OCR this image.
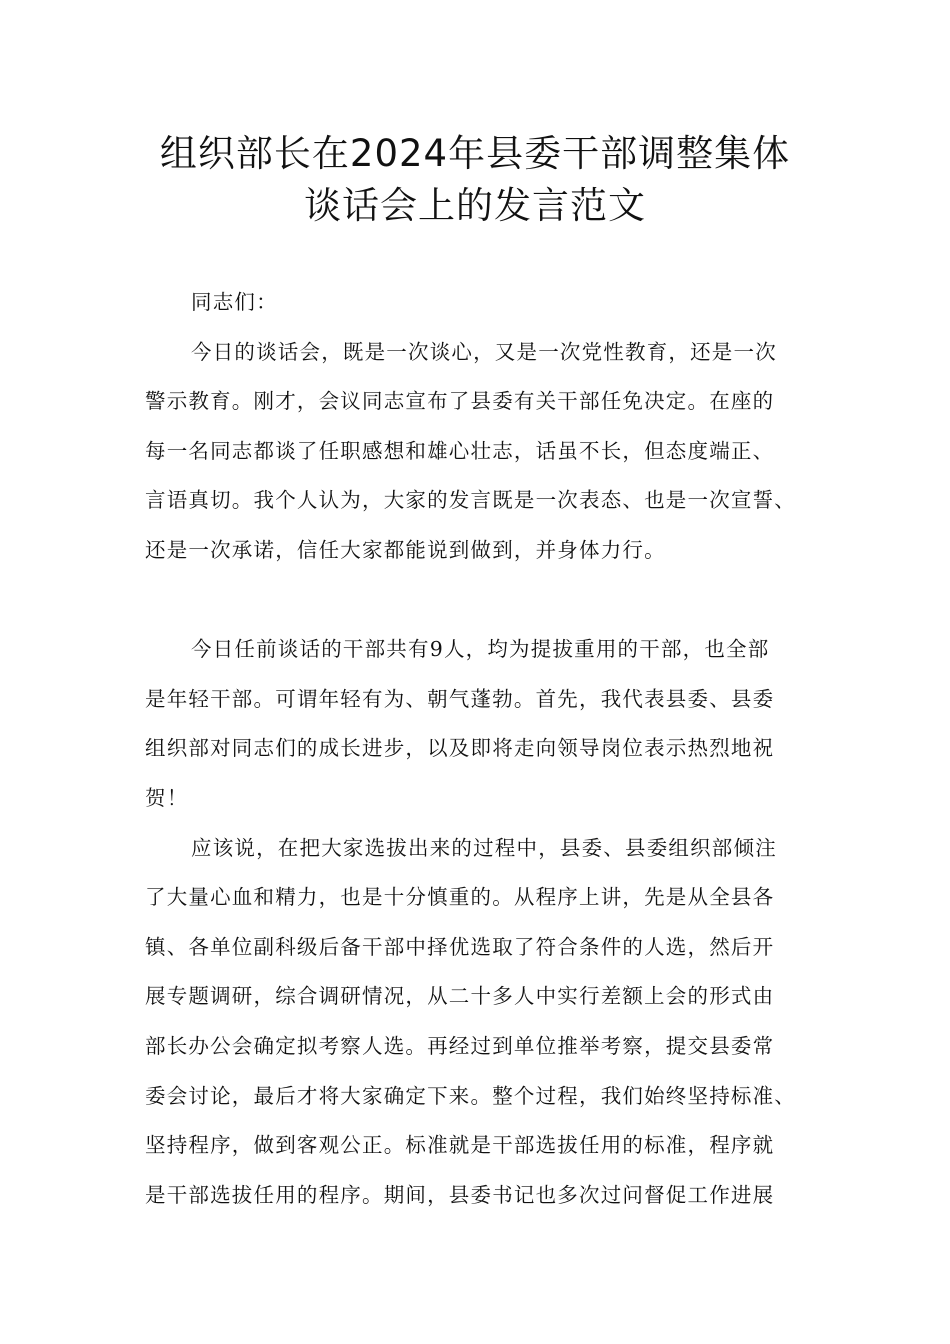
组织部长在2024年县委干部调整集体
谈话会上的发言范文
同志们：
今日的谈话会，既是一次谈心，又是一次党性教育，还是一次
警示教育。刚才，会议同志宣布了县委有关干部任免决定。在座的
每一名同志都谈了任职感想和雄心壮志，话虽不长，但态度端正、
言语真切。我个人认为，大家的发言既是一次表态、也是一次宣誓、
还是一次承诺，信任大家都能说到做到，并身体力行。
今日任前谈话的干部共有9人，均为提拔重用的干部，也全部
是年轻干部。可谓年轻有为、朝气蓬勃。首先，我代表县委、县委
组织部对同志们的成长进步，以及即将走向领导岗位表示热烈地祝
贺！
应该说，在把大家选拔出来的过程中，县委、县委组织部倾注
了大量心血和精力，也是十分慎重的。从程序上讲，先是从全县各
镇、各单位副科级后备干部中择优选取了符合条件的人选，然后开
展专题调研，综合调研情况，从二十多人中实行差额上会的形式由
部长办公会确定拟考察人选。再经过到单位推举考察，提交县委常
委会讨论，最后才将大家确定下来。整个过程，我们始终坚持标准、
坚持程序，做到客观公正。标准就是干部选拔任用的标准，程序就
是干部选拔任用的程序。期间，县委书记也多次过问督促工作进展
